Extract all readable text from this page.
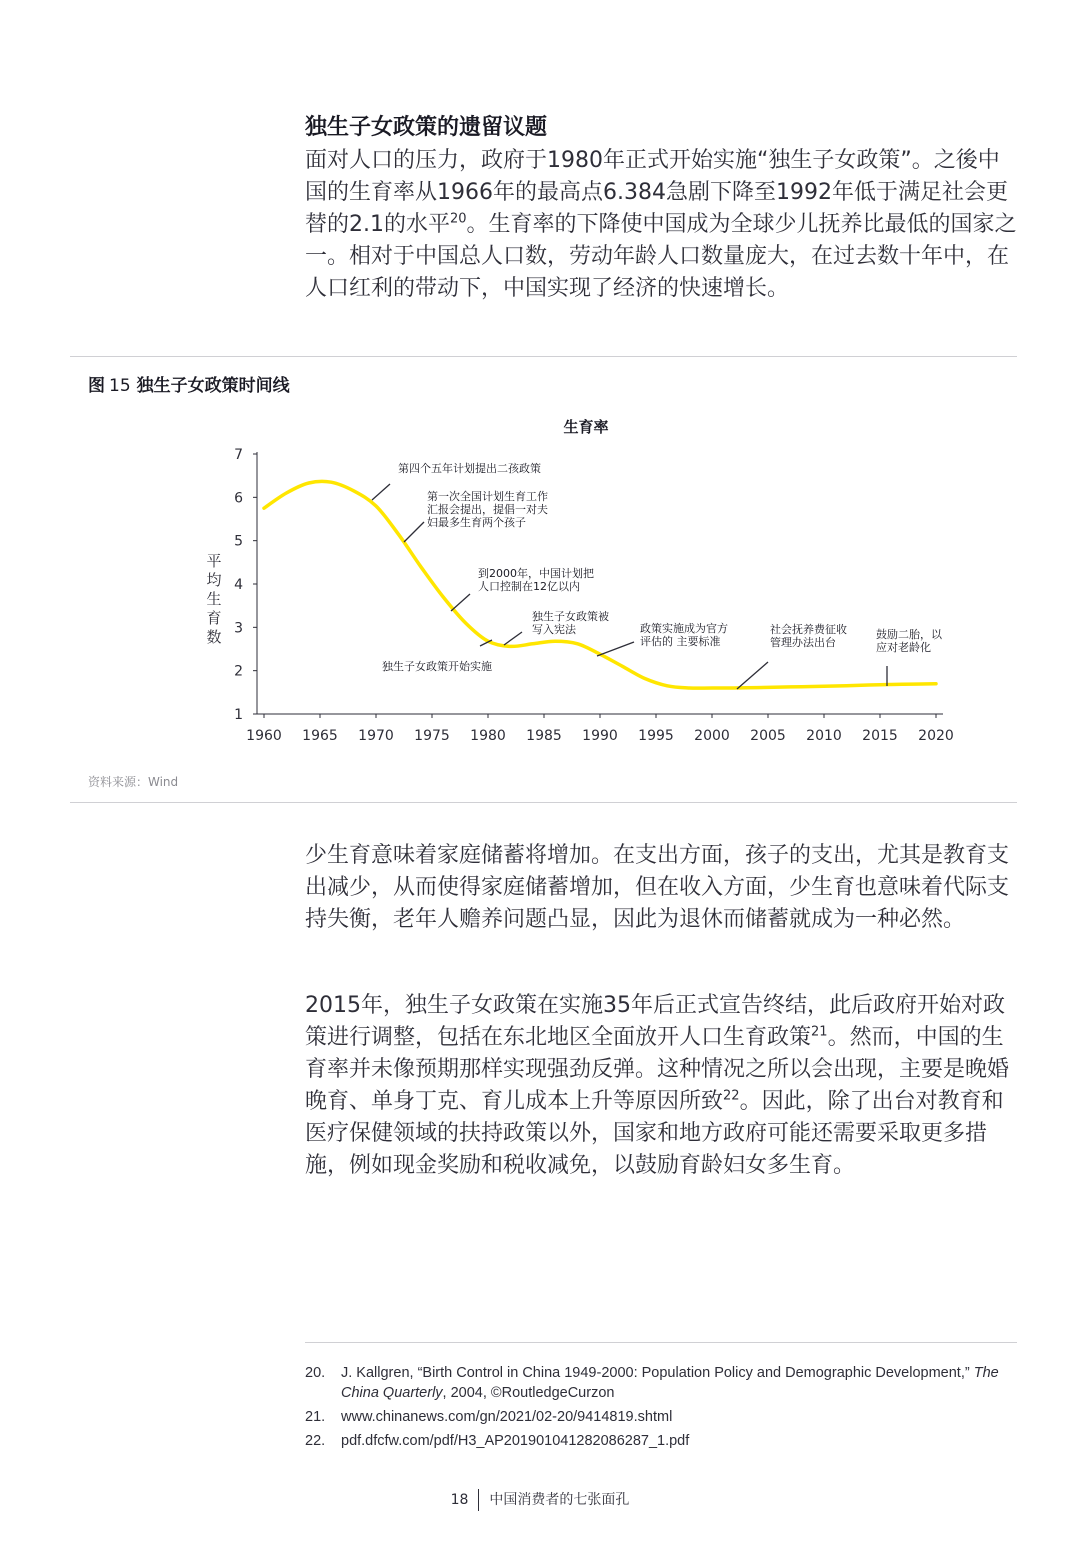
独生子女政策的遗留议题

面对人口的压力，政府于1980年正式开始实施“独生子女政策”。之後中国的生育率从1966年的最高点6.384急剧下降至1992年低于满足社会更替的2.1的水平$^{20}$。生育率的下降使中国成为全球少儿抚养比最低的国家之一。相对于中国总人口数，劳动年龄人口数量庞大，在过去数十年中，在人口红利的带动下，中国实现了经济的快速增长。

图 15 独生子女政策时间线
生育率
平
均
生
育
数
1
2
3
4
5
6
7
1960 1965 1970 1975 1980 1985 1990 1995 2000 2005 2010 2015 2020
第四个五年计划提出二孩政策
第一次全国计划生育工作
汇报会提出，提倡一对夫
妇最多生育两个孩子
到2000年，中国计划把
人口控制在12亿以内
独生子女政策被
写入宪法
独生子女政策开始实施
政策实施成为官方
评估的 主要标准
社会抚养费征收
管理办法出台
鼓励二胎，以
应对老龄化
资料来源：Wind

少生育意味着家庭储蓄将增加。在支出方面，孩子的支出，尤其是教育支出减少，从而使得家庭储蓄增加，但在收入方面，少生育也意味着代际支持失衡，老年人赡养问题凸显，因此为退休而储蓄就成为一种必然。

2015年，独生子女政策在实施35年后正式宣告终结，此后政府开始对政策进行调整，包括在东北地区全面放开人口生育政策$^{21}$。然而，中国的生育率并未像预期那样实现强劲反弹。这种情况之所以会出现，主要是晚婚晚育、单身丁克、育儿成本上升等原因所致$^{22}$。因此，除了出台对教育和医疗保健领域的扶持政策以外，国家和地方政府可能还需要采取更多措施，例如现金奖励和税收减免，以鼓励育龄妇女多生育。

20.	J. Kallgren, “Birth Control in China 1949-2000: Population Policy and Demographic Development,” The China Quarterly, 2004, ©RoutledgeCurzon
21.	www.chinanews.com/gn/2021/02-20/9414819.shtml
22.	pdf.dfcfw.com/pdf/H3_AP201901041282086287_1.pdf
18 中国消费者的七张面孔
